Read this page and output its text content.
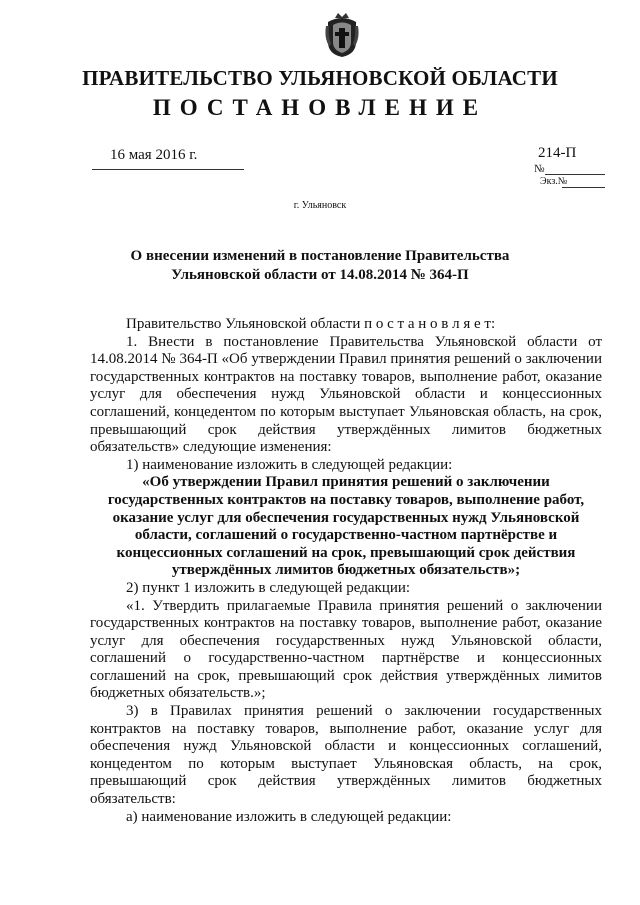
ПРАВИТЕЛЬСТВО УЛЬЯНОВСКОЙ ОБЛАСТИ
ПОСТАНОВЛЕНИЕ
16 мая 2016 г.	214-П
№
Экз.№
г. Ульяновск
О внесении изменений в постановление Правительства
Ульяновской области от 14.08.2014 № 364-П

Правительство Ульяновской области п о с т а н о в л я е т:

1. Внести в постановление Правительства Ульяновской области от 14.08.2014 № 364-П «Об утверждении Правил принятия решений о заключении государственных контрактов на поставку товаров, выполнение работ, оказание услуг для обеспечения нужд Ульяновской области и концессионных соглашений, концедентом по которым выступает Ульяновская область, на срок, превышающий срок действия утверждённых лимитов бюджетных обязательств» следующие изменения:

1) наименование изложить в следующей редакции:

«Об утверждении Правил принятия решений о заключении государственных контрактов на поставку товаров, выполнение работ, оказание услуг для обеспечения государственных нужд Ульяновской области, соглашений о государственно-частном партнёрстве и концессионных соглашений на срок, превышающий срок действия утверждённых лимитов бюджетных обязательств»;

2) пункт 1 изложить в следующей редакции:

«1. Утвердить прилагаемые Правила принятия решений о заключении государственных контрактов на поставку товаров, выполнение работ, оказание услуг для обеспечения государственных нужд Ульяновской области, соглашений о государственно-частном партнёрстве и концессионных соглашений на срок, превышающий срок действия утверждённых лимитов бюджетных обязательств.»;

3) в Правилах принятия решений о заключении государственных контрактов на поставку товаров, выполнение работ, оказание услуг для обеспечения нужд Ульяновской области и концессионных соглашений, концедентом по которым выступает Ульяновская область, на срок, превышающий срок действия утверждённых лимитов бюджетных обязательств:

а) наименование изложить в следующей редакции:
